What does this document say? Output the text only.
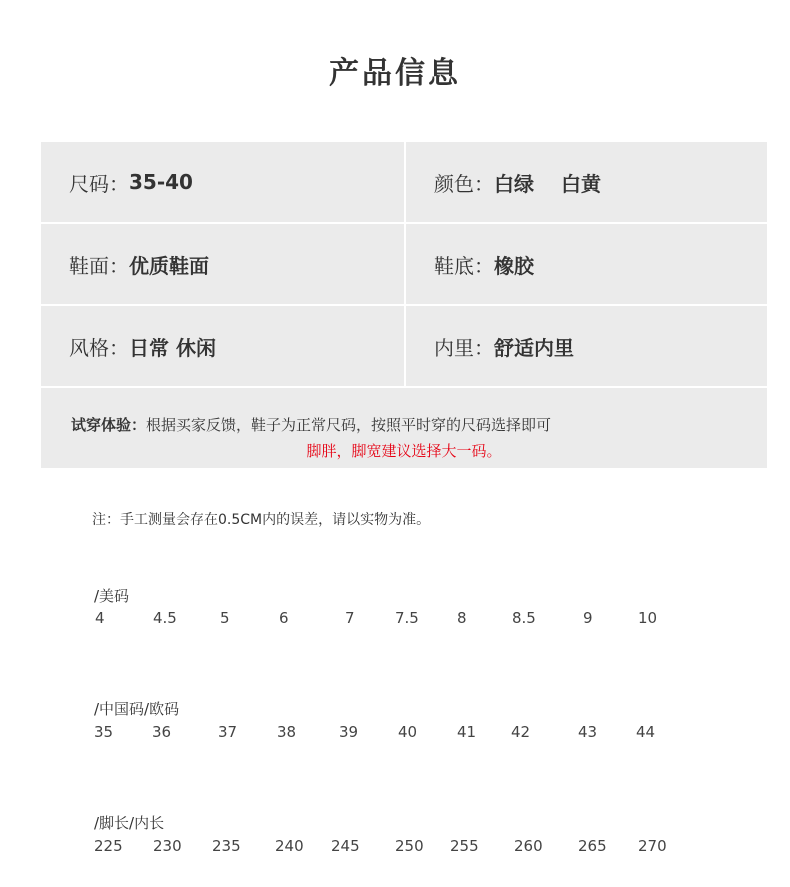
产品信息
尺码： 35-40	颜色： 白绿　 白黄
鞋面： 优质鞋面	鞋底： 橡胶
风格： 日常 休闲	内里： 舒适内里
试穿体验：根据买家反馈，鞋子为正常尺码，按照平时穿的尺码选择即可
脚胖，脚宽建议选择大一码。
注：手工测量会存在0.5CM内的误差，请以实物为准。
/美码
4	4.5	5	6	7	7.5	8	8.5	9	10
/中国码/欧码
35	36	37	38	39	40	41 42	43	44
/脚长/内长
225 230 235 240 245 250 255 260 265 270
